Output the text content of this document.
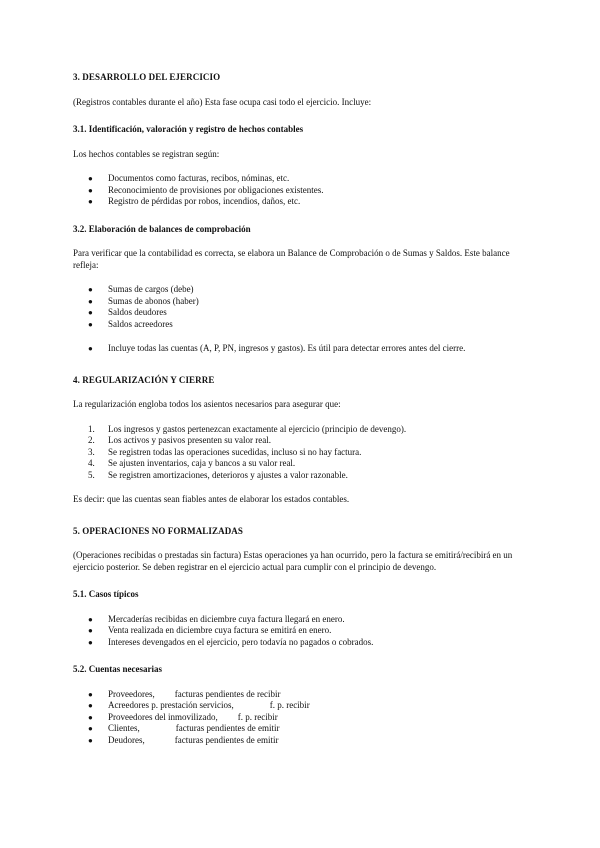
3. DESARROLLO DEL EJERCICIO

(Registros contables durante el año) Esta fase ocupa casi todo el ejercicio. Incluye:

3.1. Identificación, valoración y registro de hechos contables

Los hechos contables se registran según:

●	Documentos como facturas, recibos, nóminas, etc.
●	Reconocimiento de provisiones por obligaciones existentes.
●	Registro de pérdidas por robos, incendios, daños, etc.
3.2. Elaboración de balances de comprobación

Para verificar que la contabilidad es correcta, se elabora un Balance de Comprobación o de Sumas y Saldos. Este balance refleja:

●	Sumas de cargos (debe)
●	Sumas de abonos (haber)
●	Saldos deudores
●	Saldos acreedores
●	Incluye todas las cuentas (A, P, PN, ingresos y gastos). Es útil para detectar errores antes del cierre.
4. REGULARIZACIÓN Y CIERRE

La regularización engloba todos los asientos necesarios para asegurar que:

1.	Los ingresos y gastos pertenezcan exactamente al ejercicio (principio de devengo).
2.	Los activos y pasivos presenten su valor real.
3.	Se registren todas las operaciones sucedidas, incluso si no hay factura.
4.	Se ajusten inventarios, caja y bancos a su valor real.
5.	Se registren amortizaciones, deterioros y ajustes a valor razonable.

Es decir: que las cuentas sean fiables antes de elaborar los estados contables.

5. OPERACIONES NO FORMALIZADAS

(Operaciones recibidas o prestadas sin factura) Estas operaciones ya han ocurrido, pero la factura se emitirá/recibirá en un ejercicio posterior. Se deben registrar en el ejercicio actual para cumplir con el principio de devengo.

5.1. Casos típicos
●	Mercaderías recibidas en diciembre cuya factura llegará en enero.
●	Venta realizada en diciembre cuya factura se emitirá en enero.
●	Intereses devengados en el ejercicio, pero todavía no pagados o cobrados.
5.2. Cuentas necesarias
●	Proveedores, facturas pendientes de recibir
●	Acreedores p. prestación servicios,	f. p. recibir
●	Proveedores del inmovilizado, f. p. recibir
●	Clientes,	facturas pendientes de emitir
●	Deudores,	facturas pendientes de emitir
